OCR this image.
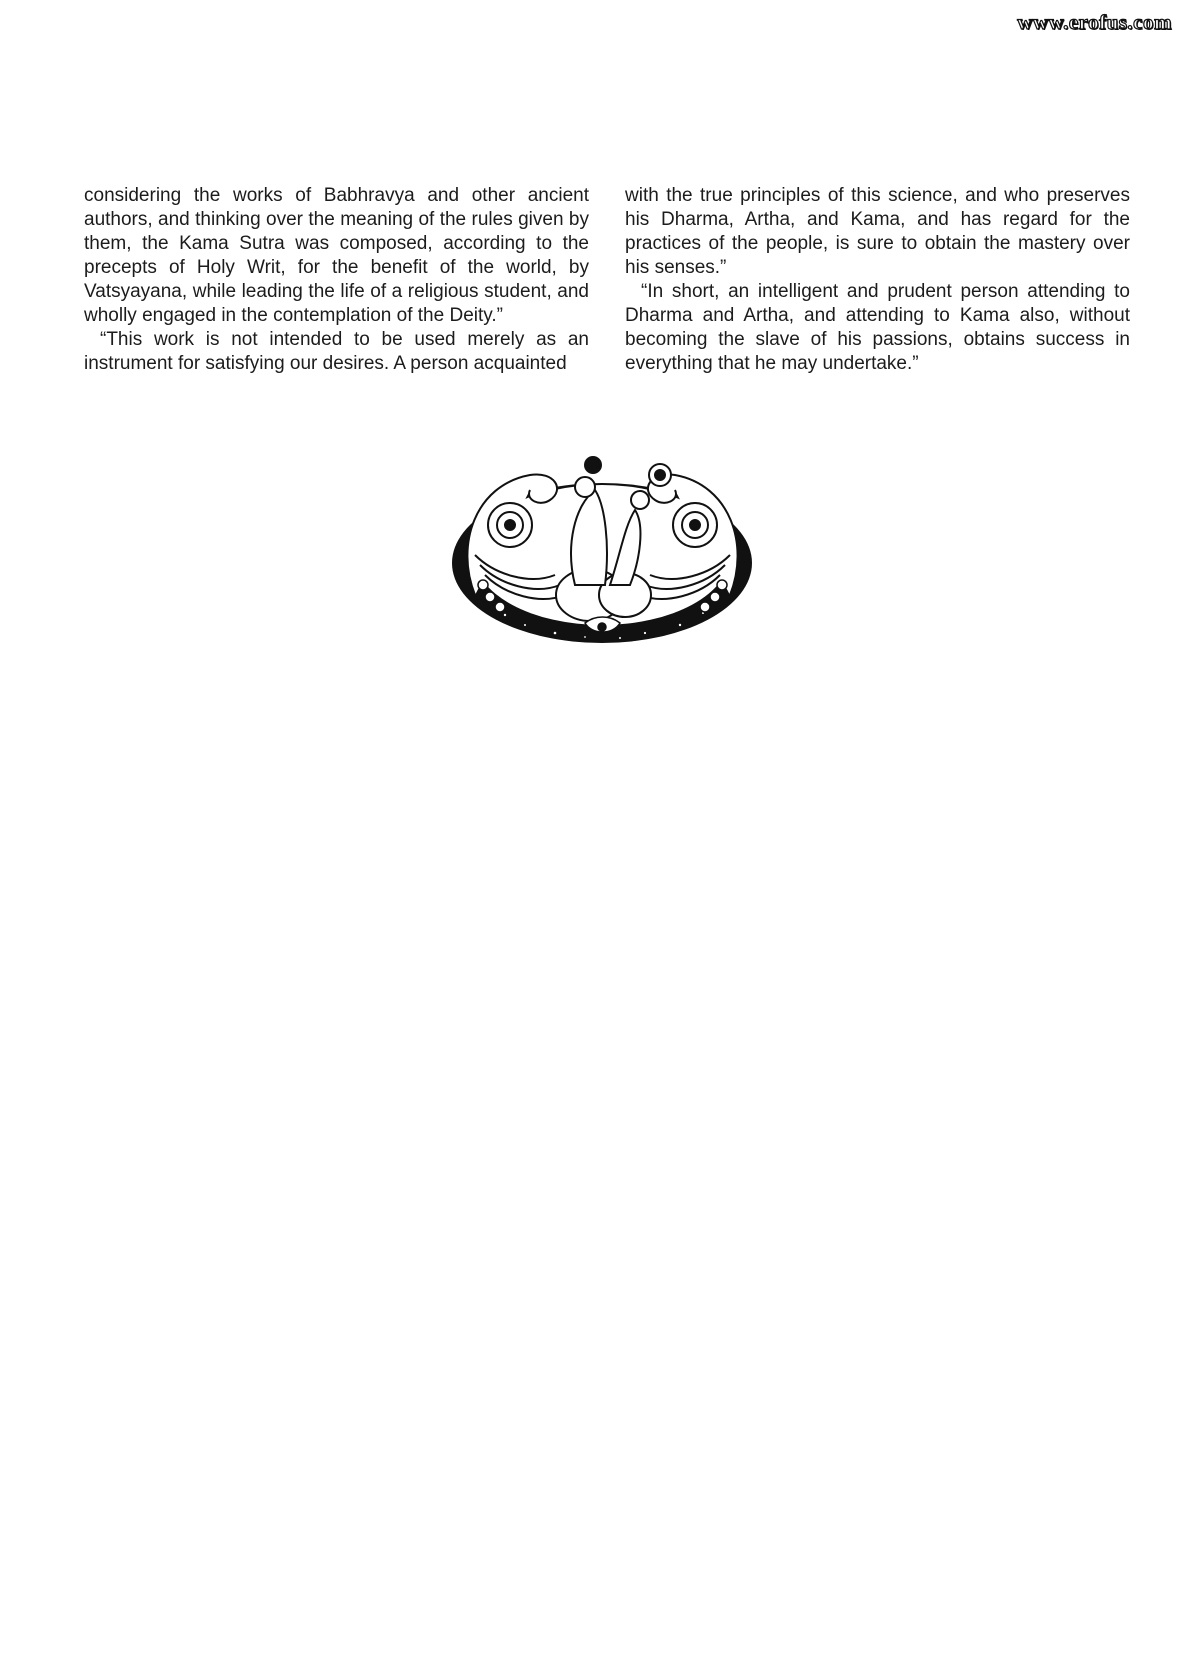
www.erofus.com

considering the works of Babhravya and other ancient authors, and thinking over the meaning of the rules given by them, the Kama Sutra was composed, according to the precepts of Holy Writ, for the benefit of the world, by Vatsyayana, while leading the life of a religious student, and wholly engaged in the contemplation of the Deity.”

“This work is not intended to be used merely as an instrument for satisfying our desires. A person acquainted

with the true principles of this science, and who preserves his Dharma, Artha, and Kama, and has regard for the practices of the people, is sure to obtain the mastery over his senses.”

“In short, an intelligent and prudent person attending to Dharma and Artha, and attending to Kama also, without becoming the slave of his passions, obtains success in everything that he may undertake.”
